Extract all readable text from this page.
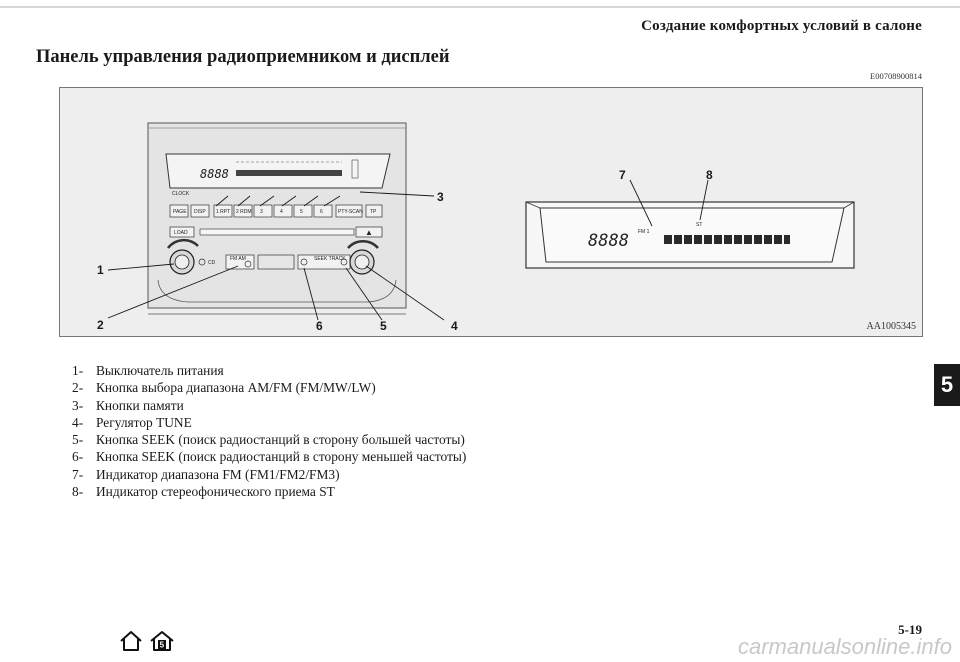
Создание комфортных условий в салоне
Панель управления радиоприемником и дисплей
E00708900814
8888
CLOCK
PAGE DISP 1 RPT 2 RDM 3	4	5	6	PTY-SCAN TP
LOAD	▲
CD
FM AM	SEEK TRACK
1
2
3
4
5
6
8888 FM 1
ST
7	8
AA1005345
1- Выключатель питания
2- Кнопка выбора диапазона AM/FM (FM/MW/LW)
3- Кнопки памяти
4- Регулятор TUNE
5- Кнопка SEEK (поиск радиостанций в сторону большей частоты)
6- Кнопка SEEK (поиск радиостанций в сторону меньшей частоты)
7- Индикатор диапазона FM (FM1/FM2/FM3)
8- Индикатор стереофонического приема ST
5
5-19
5	carmanualsonline.info
